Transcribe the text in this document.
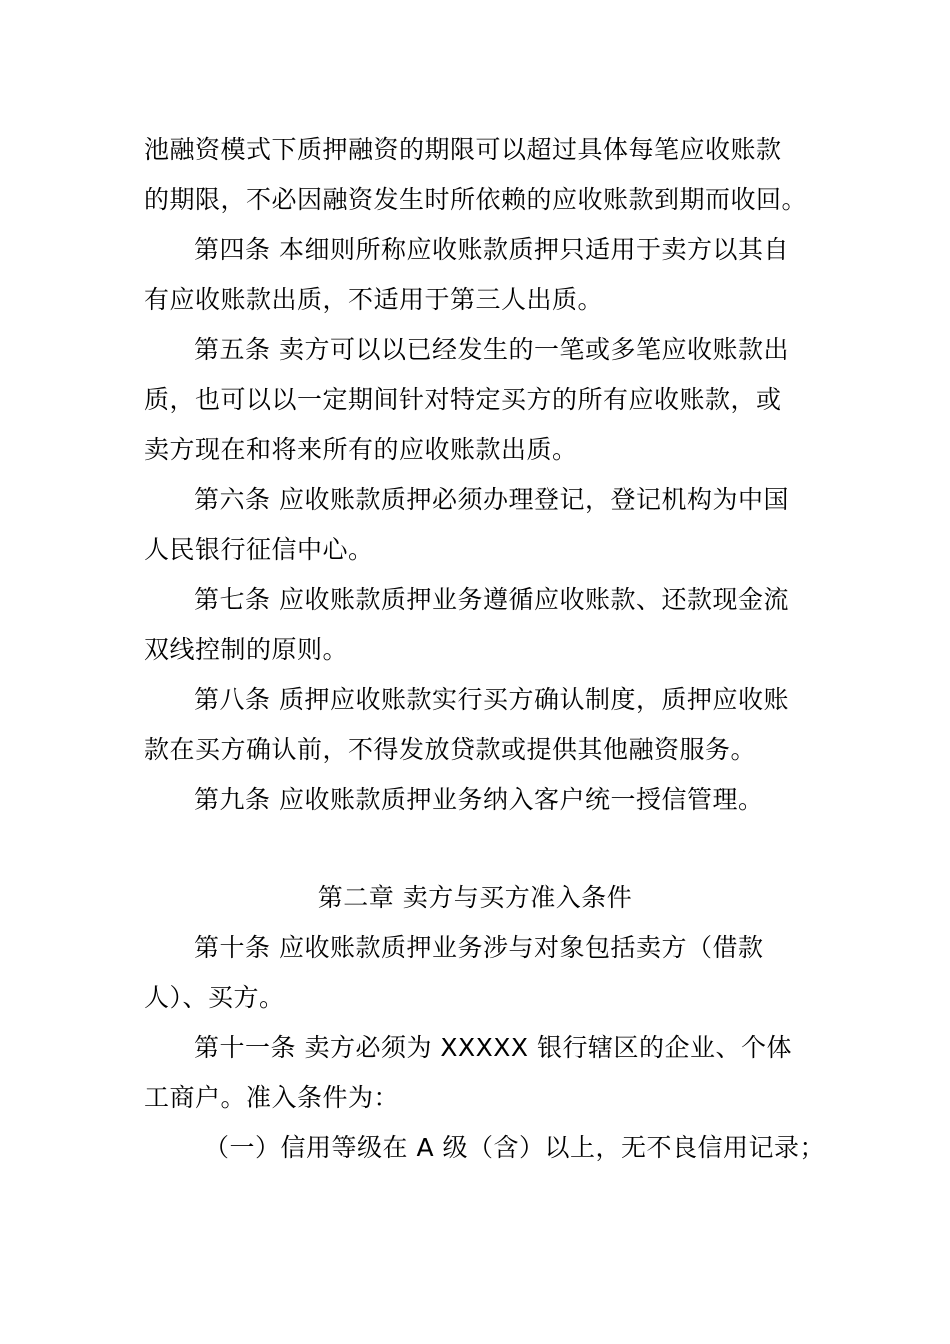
池融资模式下质押融资的期限可以超过具体每笔应收账款
的期限，不必因融资发生时所依赖的应收账款到期而收回。
第四条 本细则所称应收账款质押只适用于卖方以其自
有应收账款出质，不适用于第三人出质。
第五条 卖方可以以已经发生的一笔或多笔应收账款出
质，也可以以一定期间针对特定买方的所有应收账款，或
卖方现在和将来所有的应收账款出质。
第六条 应收账款质押必须办理登记，登记机构为中国
人民银行征信中心。
第七条 应收账款质押业务遵循应收账款、还款现金流
双线控制的原则。
第八条 质押应收账款实行买方确认制度，质押应收账
款在买方确认前，不得发放贷款或提供其他融资服务。
第九条 应收账款质押业务纳入客户统一授信管理。
第二章 卖方与买方准入条件
第十条 应收账款质押业务涉与对象包括卖方（借款
人）、买方。
第十一条 卖方必须为 XXXXX 银行辖区的企业、个体
工商户。准入条件为：
（一）信用等级在 A 级（含）以上，无不良信用记录；
